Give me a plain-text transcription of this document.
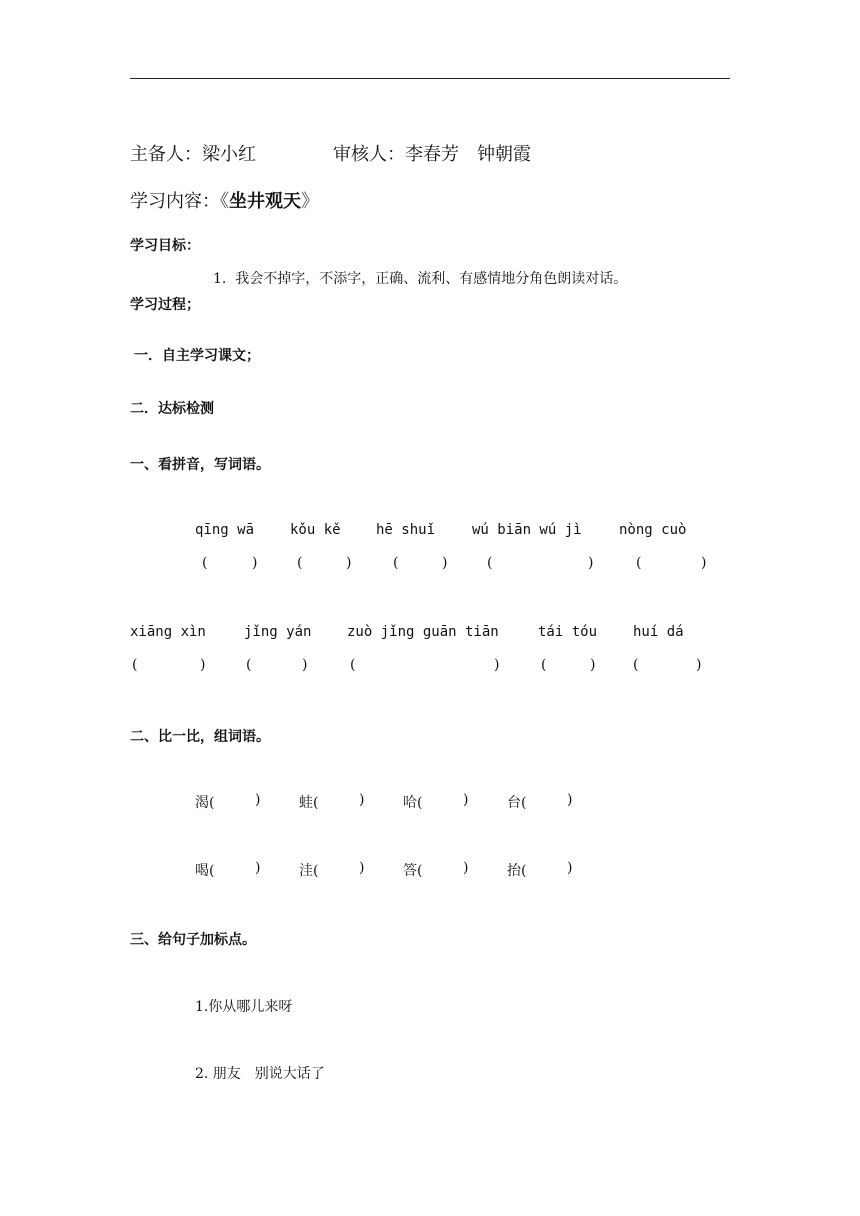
主备人：梁小红	审核人：李春芳　钟朝霞
学习内容：《坐井观天》
学习目标：
1.  我会不掉字，不添字，正确、流利、有感情地分角色朗读对话。
学习过程；
一．自主学习课文；
二．达标检测
一、看拼音，写词语。
qīng wā	kǒu kě	hē shuǐ	wú biān wú jì	nòng cuò
(	)	(	)	(	)	(	)	(	)
xiāng xìn	jǐng yán	zuò jǐng guān tiān	tái tóu	huí dá
(	)	(	)	(	)	(	)	(	)
二、比一比，组词语。
渴(	)	蛙(	)	哈(	)	台(	)
喝(	)	洼(	)	答(	)	抬(	)
三、给句子加标点。
1.你从哪儿来呀
2. 朋友　别说大话了
